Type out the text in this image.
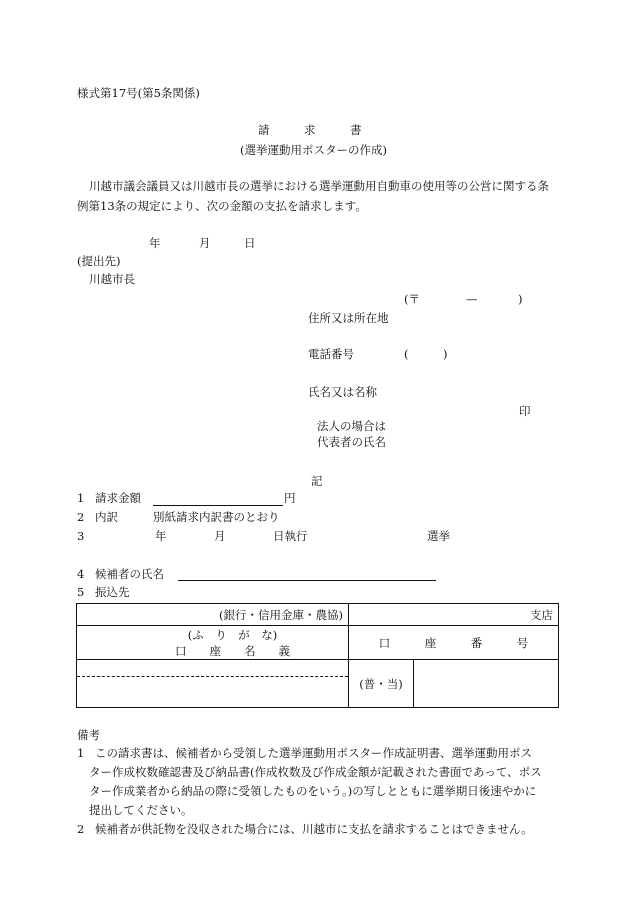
様式第17号(第5条関係)
請　　　求　　　書
(選挙運動用ポスターの作成)
川越市議会議員又は川越市長の選挙における選挙運動用自動車の使用等の公営に関する条例第13条の規定により、次の金額の支払を請求します。
年	月	日
(提出先)
川越市長
(〒	—	)
住所又は所在地
電話番号	(　　　)
氏名又は名称
印
法人の場合は
代表者の氏名
記
1 請求金額	円
2 内訳	別紙請求内訳書のとおり
3	年	月	日執行	選挙
4 候補者の氏名
5 振込先
(銀行・信用金庫・農協)	支店	

(ふ　り　が　な)
口　　座　　名　　義	口　　　座　　　番　　　号	

	(普・当)	
備考
1 この請求書は、候補者から受領した選挙運動用ポスター作成証明書、選挙運動用ポス
ター作成枚数確認書及び納品書(作成枚数及び作成金額が記載された書面であって、ポス
ター作成業者から納品の際に受領したものをいう。)の写しとともに選挙期日後速やかに
提出してください。
2 候補者が供託物を没収された場合には、川越市に支払を請求することはできません。
